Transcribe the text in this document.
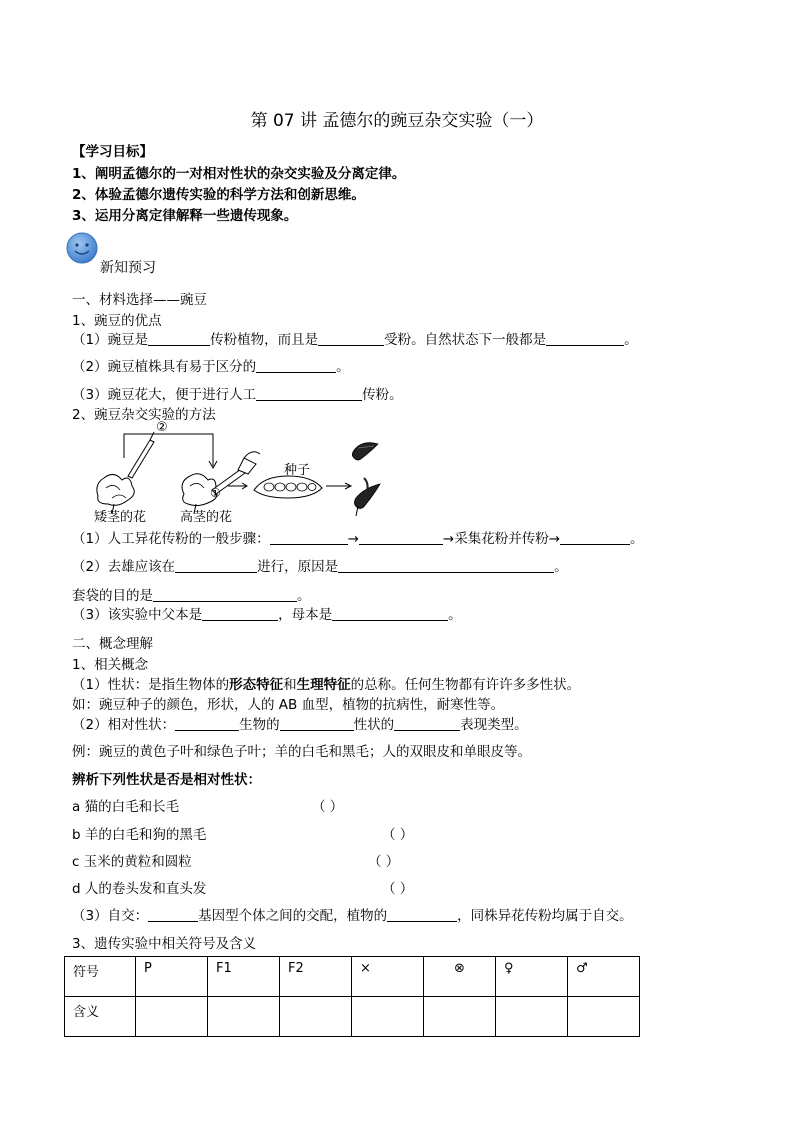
第 07 讲 孟德尔的豌豆杂交实验（一）
【学习目标】
1、阐明孟德尔的一对相对性状的杂交实验及分离定律。
2、体验孟德尔遗传实验的科学方法和创新思维。
3、运用分离定律解释一些遗传现象。
新知预习
一、材料选择——豌豆
1、豌豆的优点
（1）豌豆是	传粉植物，而且是	受粉。自然状态下一般都是	。
（2）豌豆植株具有易于区分的	。
（3）豌豆花大，便于进行人工	传粉。
2、豌豆杂交实验的方法
②
①
种子
矮茎的花	高茎的花
（1）人工异花传粉的一般步骤：	→	→采集花粉并传粉→	。
（2）去雄应该在	进行，原因是	。
套袋的目的是	。
（3）该实验中父本是	，母本是	。
二、概念理解
1、相关概念
（1）性状：是指生物体的形态特征和生理特征的总称。任何生物都有许许多多性状。
如：豌豆种子的颜色，形状，人的 AB 血型，植物的抗病性，耐寒性等。
（2）相对性状：	生物的	性状的	表现类型。
例：豌豆的黄色子叶和绿色子叶；羊的白毛和黑毛；人的双眼皮和单眼皮等。
辨析下列性状是否是相对性状：
a 猫的白毛和长毛	（ ）
b 羊的白毛和狗的黑毛	（ ）
c 玉米的黄粒和圆粒	（ ）
d 人的卷头发和直头发	（ ）
（3）自交：	基因型个体之间的交配，植物的	，同株异花传粉均属于自交。
3、遗传实验中相关符号及含义
符号	P	F1	F2	×	⊗	♀	♂
含义							
